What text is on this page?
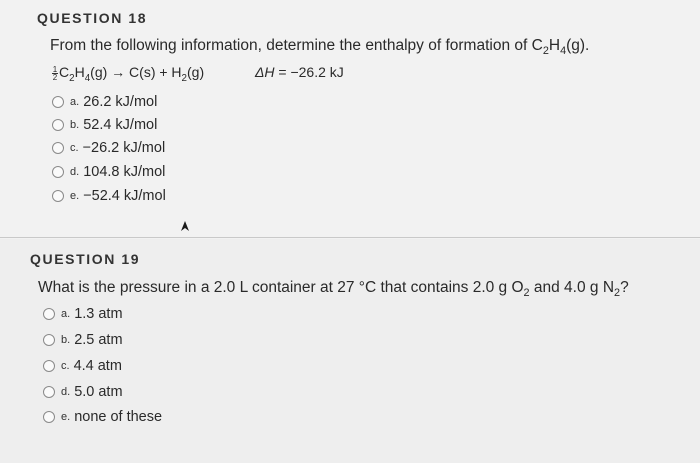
QUESTION 18
From the following information, determine the enthalpy of formation of $C_2H_4(g)$.
$\frac{1}{2}C_2H_4(g) \to C(s) + H_2(g)$	ΔH = −26.2 kJ
a. 26.2 kJ/mol
b. 52.4 kJ/mol
c. −26.2 kJ/mol
d. 104.8 kJ/mol
e. −52.4 kJ/mol
QUESTION 19
What is the pressure in a 2.0 L container at 27 °C that contains 2.0 g $O_2$ and 4.0 g $N_2$?
a. 1.3 atm
b. 2.5 atm
c. 4.4 atm
d. 5.0 atm
e. none of these
